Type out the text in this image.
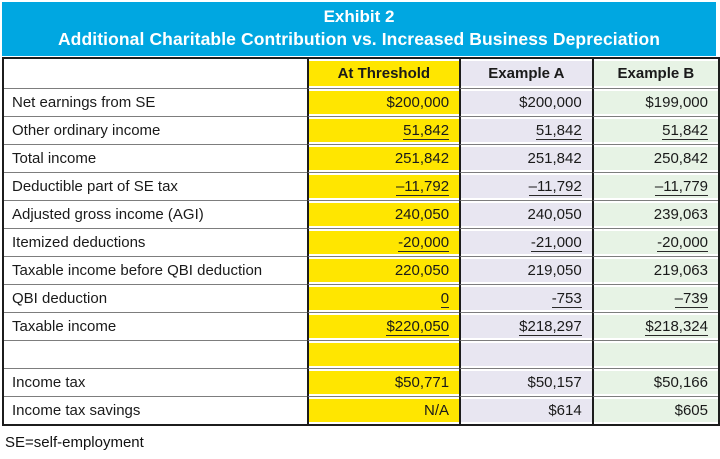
Exhibit 2
Additional Charitable Contribution vs. Increased Business Depreciation
	At Threshold	Example A	Example B
Net earnings from SE	$200,000	$200,000	$199,000
Other ordinary income	51,842	51,842	51,842
Total income	251,842	251,842	250,842
Deductible part of SE tax	–11,792	–11,792	–11,779
Adjusted gross income (AGI)	240,050	240,050	239,063
Itemized deductions	-20,000	-21,000	-20,000
Taxable income before QBI deduction	220,050	219,050	219,063
QBI deduction	0	-753	–739
Taxable income	$220,050	$218,297	$218,324

Income tax	$50,771	$50,157	$50,166
Income tax savings	N/A	$614	$605
SE=self-employment
